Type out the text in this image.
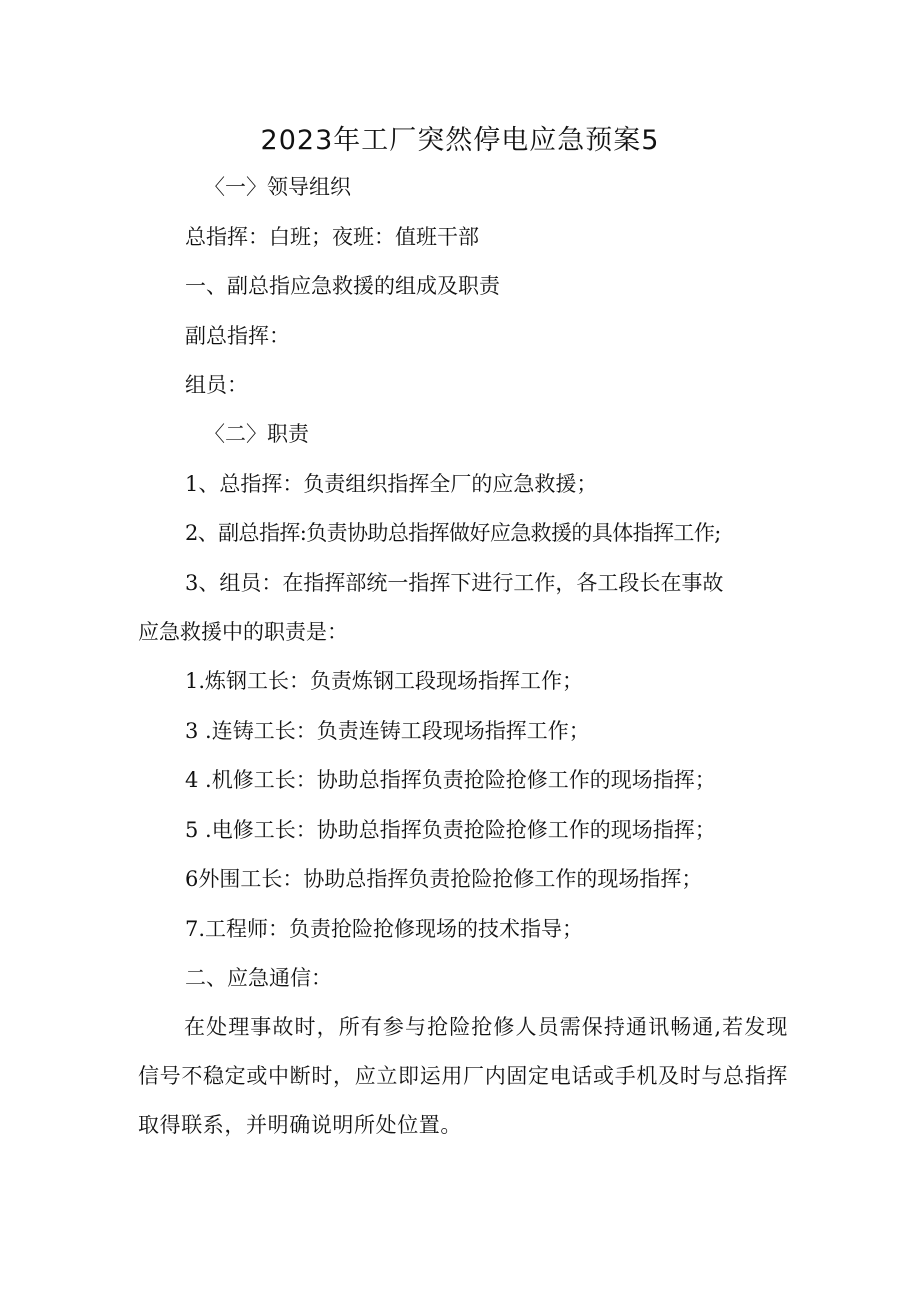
2023年工厂突然停电应急预案5
〈一〉领导组织
总指挥：白班；夜班：值班干部
一、副总指应急救援的组成及职责
副总指挥：
组员：
〈二〉职责
1、总指挥：负责组织指挥全厂的应急救援；
2、副总指挥:负责协助总指挥做好应急救援的具体指挥工作;
3、组员：在指挥部统一指挥下进行工作，各工段长在事故
应急救援中的职责是：
1.炼钢工长：负责炼钢工段现场指挥工作；
3 .连铸工长：负责连铸工段现场指挥工作；
4 .机修工长：协助总指挥负责抢险抢修工作的现场指挥；
5 .电修工长：协助总指挥负责抢险抢修工作的现场指挥；
6外围工长：协助总指挥负责抢险抢修工作的现场指挥；
7.工程师：负责抢险抢修现场的技术指导；
二、应急通信：
在处理事故时，所有参与抢险抢修人员需保持通讯畅通,若发现信号不稳定或中断时，应立即运用厂内固定电话或手机及时与总指挥取得联系，并明确说明所处位置。
